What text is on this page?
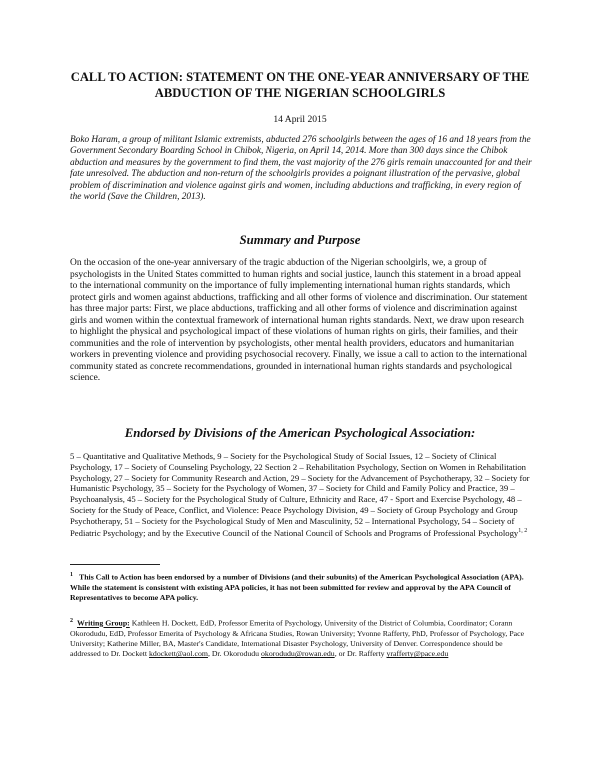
CALL TO ACTION: STATEMENT ON THE ONE-YEAR ANNIVERSARY OF THE ABDUCTION OF THE NIGERIAN SCHOOLGIRLS
14 April 2015

Boko Haram, a group of militant Islamic extremists, abducted 276 schoolgirls between the ages of 16 and 18 years from the Government Secondary Boarding School in Chibok, Nigeria, on April 14, 2014. More than 300 days since the Chibok abduction and measures by the government to find them, the vast majority of the 276 girls remain unaccounted for and their fate unresolved. The abduction and non-return of the schoolgirls provides a poignant illustration of the pervasive, global problem of discrimination and violence against girls and women, including abductions and trafficking, in every region of the world (Save the Children, 2013).

Summary and Purpose

On the occasion of the one-year anniversary of the tragic abduction of the Nigerian schoolgirls, we, a group of psychologists in the United States committed to human rights and social justice, launch this statement in a broad appeal to the international community on the importance of fully implementing international human rights standards, which protect girls and women against abductions, trafficking and all other forms of violence and discrimination. Our statement has three major parts: First, we place abductions, trafficking and all other forms of violence and discrimination against girls and women within the contextual framework of international human rights standards. Next, we draw upon research to highlight the physical and psychological impact of these violations of human rights on girls, their families, and their communities and the role of intervention by psychologists, other mental health providers, educators and humanitarian workers in preventing violence and providing psychosocial recovery. Finally, we issue a call to action to the international community stated as concrete recommendations, grounded in international human rights standards and psychological science.

Endorsed by Divisions of the American Psychological Association:

5 – Quantitative and Qualitative Methods, 9 – Society for the Psychological Study of Social Issues, 12 – Society of Clinical Psychology, 17 – Society of Counseling Psychology, 22 Section 2 – Rehabilitation Psychology, Section on Women in Rehabilitation Psychology, 27 – Society for Community Research and Action, 29 – Society for the Advancement of Psychotherapy, 32 – Society for Humanistic Psychology, 35 – Society for the Psychology of Women, 37 – Society for Child and Family Policy and Practice, 39 – Psychoanalysis, 45 – Society for the Psychological Study of Culture, Ethnicity and Race, 47 - Sport and Exercise Psychology, 48 – Society for the Study of Peace, Conflict, and Violence: Peace Psychology Division, 49 – Society of Group Psychology and Group Psychotherapy, 51 – Society for the Psychological Study of Men and Masculinity, 52 – International Psychology, 54 – Society of Pediatric Psychology; and by the Executive Council of the National Council of Schools and Programs of Professional Psychology$^{1, 2}$

$^1$ This Call to Action has been endorsed by a number of Divisions (and their subunits) of the American Psychological Association (APA). While the statement is consistent with existing APA policies, it has not been submitted for review and approval by the APA Council of Representatives to become APA policy.

$^2$ Writing Group: Kathleen H. Dockett, EdD, Professor Emerita of Psychology, University of the District of Columbia, Coordinator; Corann Okorodudu, EdD, Professor Emerita of Psychology & Africana Studies, Rowan University; Yvonne Rafferty, PhD, Professor of Psychology, Pace University; Katherine Miller, BA, Master's Candidate, International Disaster Psychology, University of Denver. Correspondence should be addressed to Dr. Dockett kdockett@aol.com, Dr. Okorodudu okorodudu@rowan.edu, or Dr. Rafferty yrafferty@pace.edu
